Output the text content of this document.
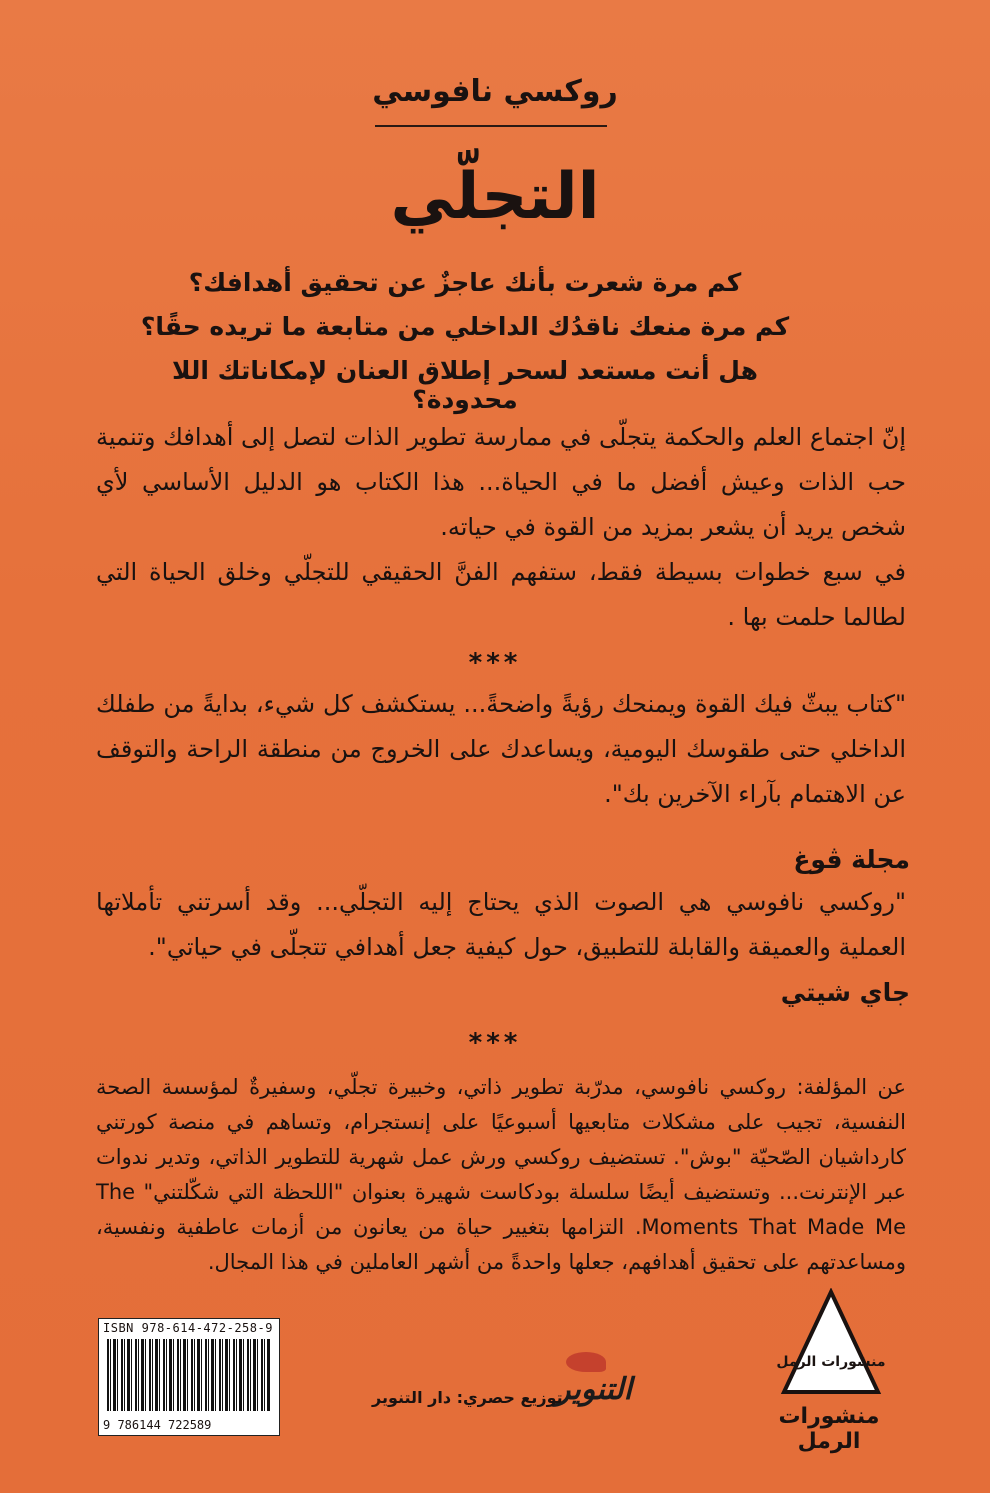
روكسي نافوسي
التجلّي
كم مرة شعرت بأنك عاجزٌ عن تحقيق أهدافك؟
كم مرة منعك ناقدُك الداخلي من متابعة ما تريده حقًا؟
هل أنت مستعد لسحر إطلاق العنان لإمكاناتك اللا محدودة؟
إنّ اجتماع العلم والحكمة يتجلّى في ممارسة تطوير الذات لتصل إلى أهدافك وتنمية حب الذات وعيش أفضل ما في الحياة... هذا الكتاب هو الدليل الأساسي لأي شخص يريد أن يشعر بمزيد من القوة في حياته.
في سبع خطوات بسيطة فقط، ستفهم الفنَّ الحقيقي للتجلّي وخلق الحياة التي لطالما حلمت بها .
***
"كتاب يبثّ فيك القوة ويمنحك رؤيةً واضحةً... يستكشف كل شيء، بدايةً من طفلك الداخلي حتى طقوسك اليومية، ويساعدك على الخروج من منطقة الراحة والتوقف عن الاهتمام بآراء الآخرين بك".
مجلة ڤوغ
"روكسي نافوسي هي الصوت الذي يحتاج إليه التجلّي... وقد أسرتني تأملاتها العملية والعميقة والقابلة للتطبيق، حول كيفية جعل أهدافي تتجلّى في حياتي".
جاي شيتي
***
عن المؤلفة: روكسي نافوسي، مدرّبة تطوير ذاتي، وخبيرة تجلّي، وسفيرةٌ لمؤسسة الصحة النفسية، تجيب على مشكلات متابعيها أسبوعيًا على إنستجرام، وتساهم في منصة كورتني كارداشيان الصّحيّة "بوش". تستضيف روكسي ورش عمل شهرية للتطوير الذاتي، وتدير ندوات عبر الإنترنت... وتستضيف أيضًا سلسلة بودكاست شهيرة بعنوان "اللحظة التي شكّلتني" The Moments That Made Me. التزامها بتغيير حياة من يعانون من أزمات عاطفية ونفسية، ومساعدتهم على تحقيق أهدافهم، جعلها واحدةً من أشهر العاملين في هذا المجال.
ISBN 978-614-472-258-9
9 786144 722589
التنوير
توزيع حصري: دار التنوير
منشورات الرمل
منشورات الرمل
